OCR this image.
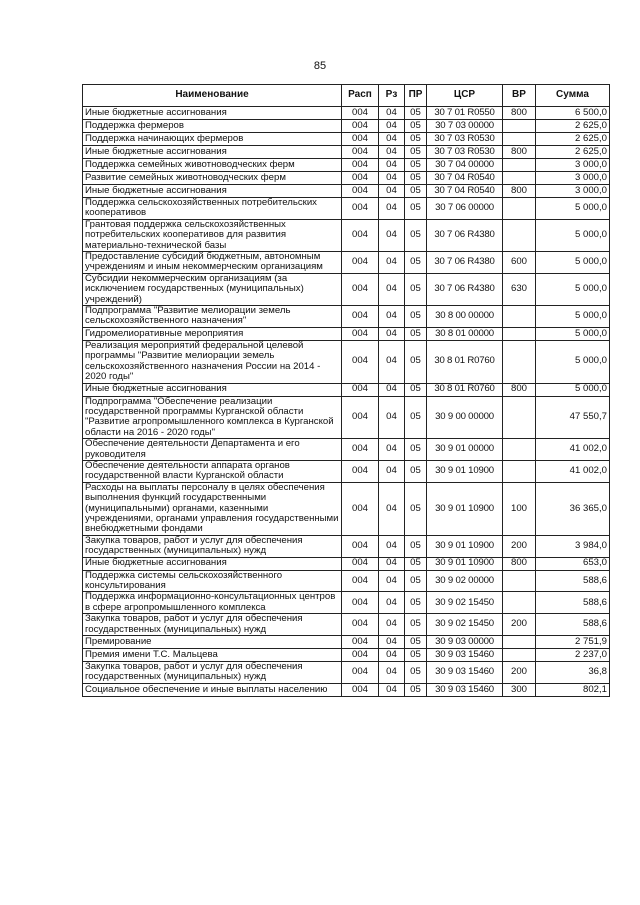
85
Наименование	Расп	Рз	ПР	ЦСР	ВР	Сумма
Иные бюджетные ассигнования	004	04	05	30 7 01 R0550	800	6 500,0
Поддержка фермеров	004	04	05	30 7 03 00000		2 625,0
Поддержка начинающих фермеров	004	04	05	30 7 03 R0530		2 625,0
Иные бюджетные ассигнования	004	04	05	30 7 03 R0530	800	2 625,0
Поддержка семейных животноводческих ферм	004	04	05	30 7 04 00000		3 000,0
Развитие семейных животноводческих ферм	004	04	05	30 7 04 R0540		3 000,0
Иные бюджетные ассигнования	004	04	05	30 7 04 R0540	800	3 000,0
Поддержка сельскохозяйственных потребительских кооперативов	004	04	05	30 7 06 00000		5 000,0
Грантовая поддержка сельскохозяйственных потребительских кооперативов для развития материально-технической базы	004	04	05	30 7 06 R4380		5 000,0
Предоставление субсидий бюджетным, автономным учреждениям и иным некоммерческим организациям	004	04	05	30 7 06 R4380	600	5 000,0
Субсидии некоммерческим организациям (за исключением государственных (муниципальных) учреждений)	004	04	05	30 7 06 R4380	630	5 000,0
Подпрограмма "Развитие мелиорации земель сельскохозяйственного назначения"	004	04	05	30 8 00 00000		5 000,0
Гидромелиоративные мероприятия	004	04	05	30 8 01 00000		5 000,0
Реализация мероприятий федеральной целевой программы "Развитие мелиорации земель сельскохозяйственного назначения России на 2014 - 2020 годы"	004	04	05	30 8 01 R0760		5 000,0
Иные бюджетные ассигнования	004	04	05	30 8 01 R0760	800	5 000,0
Подпрограмма "Обеспечение реализации государственной программы Курганской области "Развитие агропромышленного комплекса в Курганской области на 2016 - 2020 годы"	004	04	05	30 9 00 00000		47 550,7
Обеспечение деятельности Департамента и его руководителя	004	04	05	30 9 01 00000		41 002,0
Обеспечение деятельности аппарата органов государственной власти Курганской области	004	04	05	30 9 01 10900		41 002,0
Расходы на выплаты персоналу в целях обеспечения выполнения функций государственными (муниципальными) органами, казенными учреждениями, органами управления государственными внебюджетными фондами	004	04	05	30 9 01 10900	100	36 365,0
Закупка товаров, работ и услуг для обеспечения государственных (муниципальных) нужд	004	04	05	30 9 01 10900	200	3 984,0
Иные бюджетные ассигнования	004	04	05	30 9 01 10900	800	653,0
Поддержка системы сельскохозяйственного консультирования	004	04	05	30 9 02 00000		588,6
Поддержка информационно-консультационных центров в сфере агропромышленного комплекса	004	04	05	30 9 02 15450		588,6
Закупка товаров, работ и услуг для обеспечения государственных (муниципальных) нужд	004	04	05	30 9 02 15450	200	588,6
Премирование	004	04	05	30 9 03 00000		2 751,9
Премия имени Т.С. Мальцева	004	04	05	30 9 03 15460		2 237,0
Закупка товаров, работ и услуг для обеспечения государственных (муниципальных) нужд	004	04	05	30 9 03 15460	200	36,8
Социальное обеспечение и иные выплаты населению	004	04	05	30 9 03 15460	300	802,1
